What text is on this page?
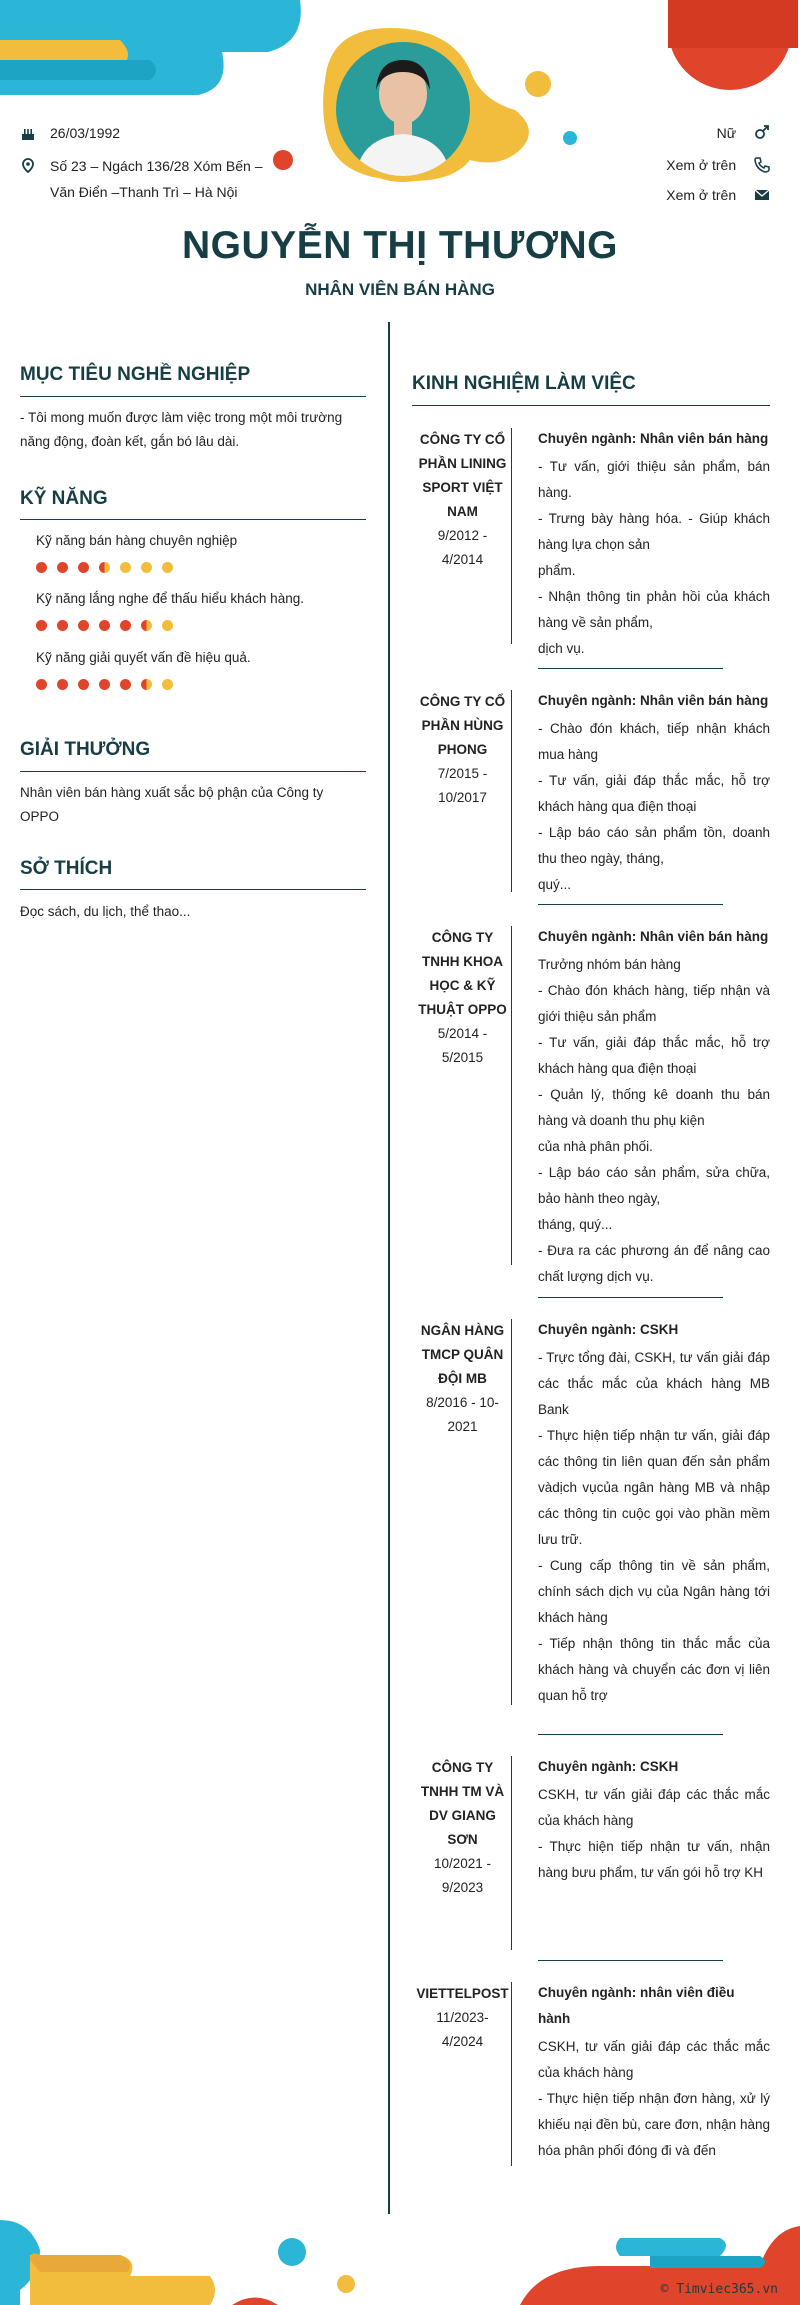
26/03/1992
Số 23 – Ngách 136/28 Xóm Bến –
Văn Điển –Thanh Trì – Hà Nội
Nữ
Xem ở trên
Xem ở trên
NGUYỄN THỊ THƯƠNG
NHÂN VIÊN BÁN HÀNG
MỤC TIÊU NGHỀ NGHIỆP
- Tôi mong muốn được làm việc trong một môi trường
năng động, đoàn kết, gắn bó lâu dài.
KỸ NĂNG
Kỹ năng bán hàng chuyên nghiệp
Kỹ năng lắng nghe để thấu hiểu khách hàng.
Kỹ năng giải quyết vấn đề hiệu quả.
GIẢI THƯỞNG
Nhân viên bán hàng xuất sắc bộ phận của Công ty
OPPO
SỞ THÍCH
Đọc sách, du lịch, thể thao...
KINH NGHIỆM LÀM VIỆC
CÔNG TY CỔ
PHẦN LINING
SPORT VIỆT
NAM
9/2012 -
4/2014
Chuyên ngành: Nhân viên bán hàng
- Tư vấn, giới thiệu sản phẩm, bán hàng.
- Trưng bày hàng hóa. - Giúp khách hàng lựa chọn sản
phẩm.
- Nhận thông tin phản hồi của khách hàng về sản phẩm,
dịch vụ.
CÔNG TY CỔ
PHẦN HÙNG
PHONG
7/2015 -
10/2017
Chuyên ngành: Nhân viên bán hàng
- Chào đón khách, tiếp nhận khách mua hàng
- Tư vấn, giải đáp thắc mắc, hỗ trợ khách hàng qua điện thoại
- Lập báo cáo sản phẩm tồn, doanh thu theo ngày, tháng,
quý...
CÔNG TY
TNHH KHOA
HỌC & KỸ
THUẬT OPPO
5/2014 -
5/2015
Chuyên ngành: Nhân viên bán hàng
Trưởng nhóm bán hàng
- Chào đón khách hàng, tiếp nhận và giới thiệu sản phẩm
- Tư vấn, giải đáp thắc mắc, hỗ trợ khách hàng qua điện thoại
- Quản lý, thống kê doanh thu bán hàng và doanh thu phụ kiện
của nhà phân phối.
- Lập báo cáo sản phẩm, sửa chữa, bảo hành theo ngày,
tháng, quý...
- Đưa ra các phương án để nâng cao chất lượng dịch vụ.
NGÂN HÀNG
TMCP QUÂN
ĐỘI MB
8/2016 - 10-
2021
Chuyên ngành: CSKH
- Trực tổng đài, CSKH, tư vấn giải đáp các thắc mắc của khách hàng MB Bank
- Thực hiện tiếp nhận tư vấn, giải đáp các thông tin liên quan đến sản phẩm vàdịch vụcủa ngân hàng MB và nhập các thông tin cuộc gọi vào phần mềm lưu trữ.
- Cung cấp thông tin về sản phẩm, chính sách dịch vụ của Ngân hàng tới khách hàng
- Tiếp nhận thông tin thắc mắc của khách hàng và chuyển các đơn vị liên quan hỗ trợ
CÔNG TY
TNHH TM VÀ
DV GIANG
SƠN
10/2021 -
9/2023
Chuyên ngành: CSKH
CSKH, tư vấn giải đáp các thắc mắc của khách hàng
- Thực hiện tiếp nhận tư vấn, nhận hàng bưu phẩm, tư vấn gói hỗ trợ KH
VIETTELPOST
11/2023-
4/2024
Chuyên ngành: nhân viên điều hành
CSKH, tư vấn giải đáp các thắc mắc của khách hàng
- Thực hiện tiếp nhận đơn hàng, xử lý khiếu nại đền bù, care đơn, nhận hàng hóa phân phối đóng đi và đến
© Timviec365.vn
